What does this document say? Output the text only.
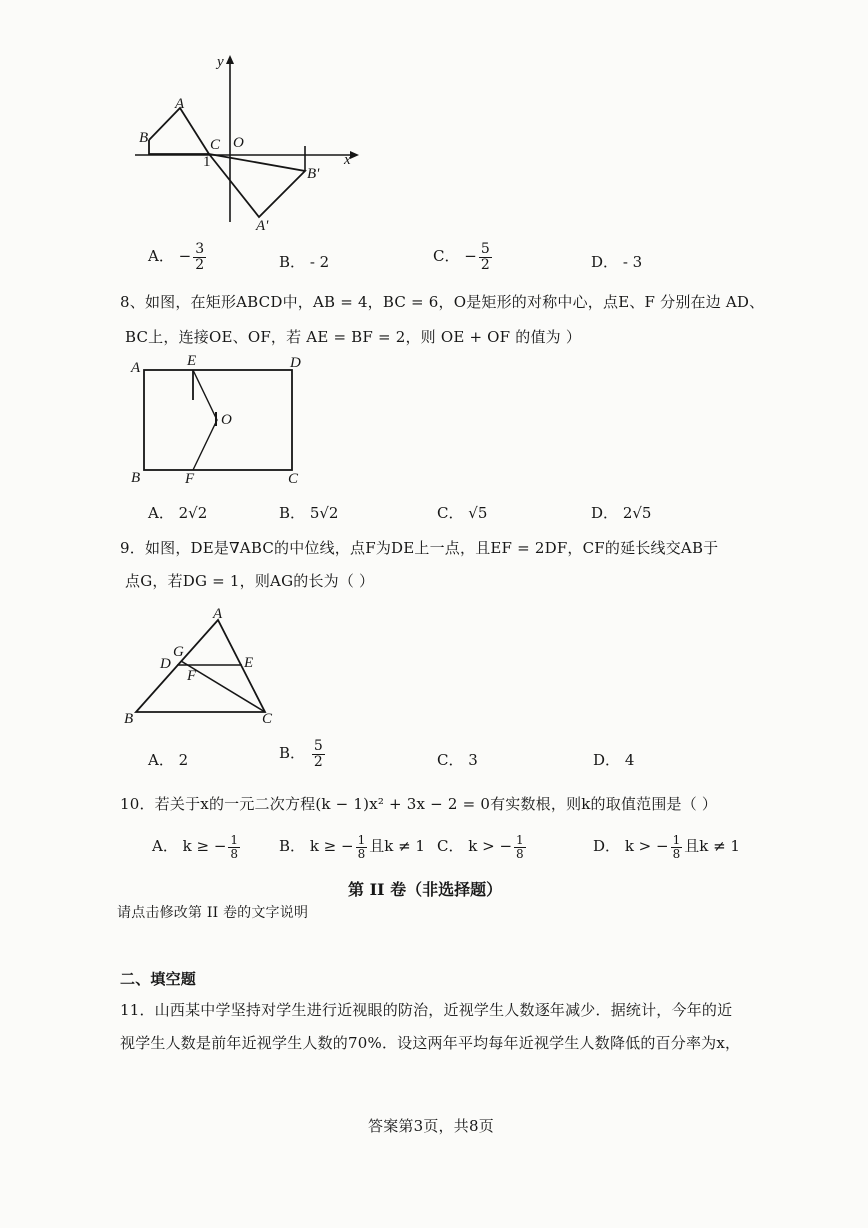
y
x
A
B	C O
1
A'
B'
A． − $\frac{3}{2}$	B． - 2	C． − $\frac{5}{2}$	D． - 3
8、如图，在矩形ABCD中，AB = 4，BC = 6，O是矩形的对称中心，点E、F 分别在边 AD、
BC上，连接OE、OF，若 AE = BF = 2，则 OE + OF 的值为 ）
A	E	D
O
B	F	C
A． 2√2	B． 5√2	C． √5	D． 2√5
9．如图，DE是∇ABC的中位线，点F为DE上一点，且EF = 2DF，CF的延长线交AB于
点G，若DG = 1，则AG的长为（ ）
A
G
D	E
F
B	C
A． 2	B． $\frac{5}{2}$	C． 3	D． 4
10．若关于x的一元二次方程(k − 1)x² + 3x − 2 = 0有实数根，则k的取值范围是（ ）
A． k ≥ − $\frac{1}{8}$	B． k ≥ − $\frac{1}{8}$ 且k ≠ 1 C． k > − $\frac{1}{8}$	D． k > − $\frac{1}{8}$ 且k ≠ 1
第 II 卷（非选择题）
请点击修改第 II 卷的文字说明
二、填空题
11．山西某中学坚持对学生进行近视眼的防治，近视学生人数逐年减少．据统计，今年的近
视学生人数是前年近视学生人数的70%．设这两年平均每年近视学生人数降低的百分率为x，
答案第3页，共8页
